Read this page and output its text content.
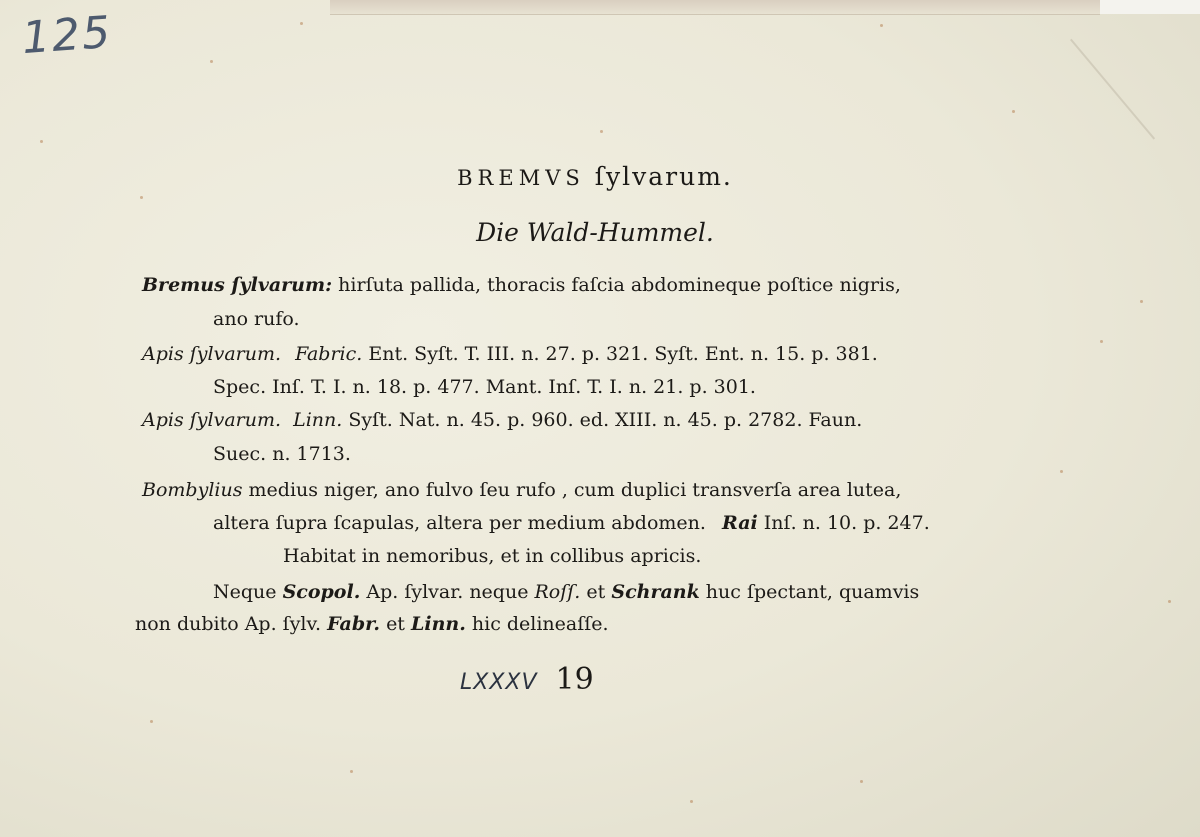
125
BREMVS ſylvarum.
Die Wald-Hummel.
Bremus ſylvarum: hirſuta pallida, thoracis faſcia abdomineque poſtice nigris,
ano rufo.
Apis ſylvarum. Fabric. Ent. Syſt. T. III. n. 27. p. 321. Syſt. Ent. n. 15. p. 381.
Spec. Inſ. T. I. n. 18. p. 477. Mant. Inſ. T. I. n. 21. p. 301.
Apis ſylvarum. Linn. Syſt. Nat. n. 45. p. 960. ed. XIII. n. 45. p. 2782. Faun.
Suec. n. 1713.
Bombylius medius niger, ano fulvo ſeu rufo , cum duplici transverſa area lutea,
altera ſupra ſcapulas, altera per medium abdomen. Rai Inſ. n. 10. p. 247.
Habitat in nemoribus, et in collibus apricis.
Neque Scopol. Ap. ſylvar. neque Roſſ. et Schrank huc ſpectant, quamvis
non dubito Ap. ſylv. Fabr. et Linn. hic delineaſſe.
LXXXV 19
